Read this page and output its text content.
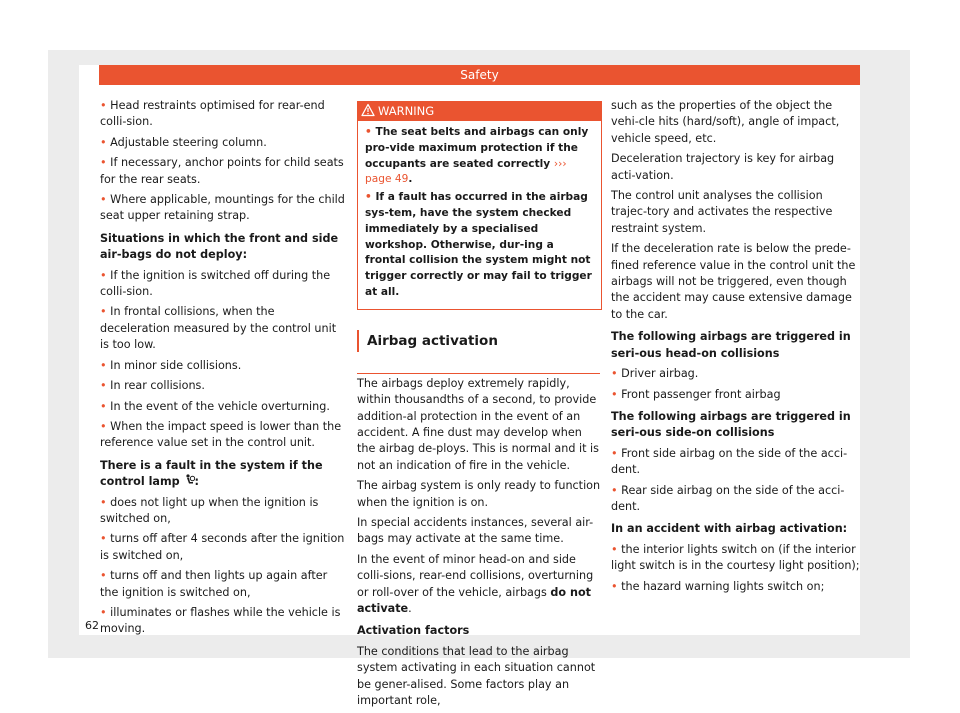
Safety

• Head restraints optimised for rear-end colli-sion.

• Adjustable steering column.

• If necessary, anchor points for child seats for the rear seats.

• Where applicable, mountings for the child seat upper retaining strap.

Situations in which the front and side air-bags do not deploy:

• If the ignition is switched off during the colli-sion.

• In frontal collisions, when the deceleration measured by the control unit is too low.

• In minor side collisions.

• In rear collisions.

• In the event of the vehicle overturning.

• When the impact speed is lower than the reference value set in the control unit.

There is a fault in the system if the control lamp :

• does not light up when the ignition is switched on,

• turns off after 4 seconds after the ignition is switched on,

• turns off and then lights up again after the ignition is switched on,

• illuminates or flashes while the vehicle is moving.

WARNING

• The seat belts and airbags can only pro-vide maximum protection if the occupants are seated correctly ››› page 49.

• If a fault has occurred in the airbag sys-tem, have the system checked immediately by a specialised workshop. Otherwise, dur-ing a frontal collision the system might not trigger correctly or may fail to trigger at all.

Airbag activation

The airbags deploy extremely rapidly, within thousandths of a second, to provide addition-al protection in the event of an accident. A fine dust may develop when the airbag de-ploys. This is normal and it is not an indication of fire in the vehicle.

The airbag system is only ready to function when the ignition is on.

In special accidents instances, several air-bags may activate at the same time.

In the event of minor head-on and side colli-sions, rear-end collisions, overturning or roll-over of the vehicle, airbags do not activate.

Activation factors

The conditions that lead to the airbag system activating in each situation cannot be gener-alised. Some factors play an important role,

such as the properties of the object the vehi-cle hits (hard/soft), angle of impact, vehicle speed, etc.

Deceleration trajectory is key for airbag acti-vation.

The control unit analyses the collision trajec-tory and activates the respective restraint system.

If the deceleration rate is below the prede-fined reference value in the control unit the airbags will not be triggered, even though the accident may cause extensive damage to the car.

The following airbags are triggered in seri-ous head-on collisions

• Driver airbag.

• Front passenger front airbag

The following airbags are triggered in seri-ous side-on collisions

• Front side airbag on the side of the acci-dent.

• Rear side airbag on the side of the acci-dent.

In an accident with airbag activation:

• the interior lights switch on (if the interior light switch is in the courtesy light position);

• the hazard warning lights switch on;

62
